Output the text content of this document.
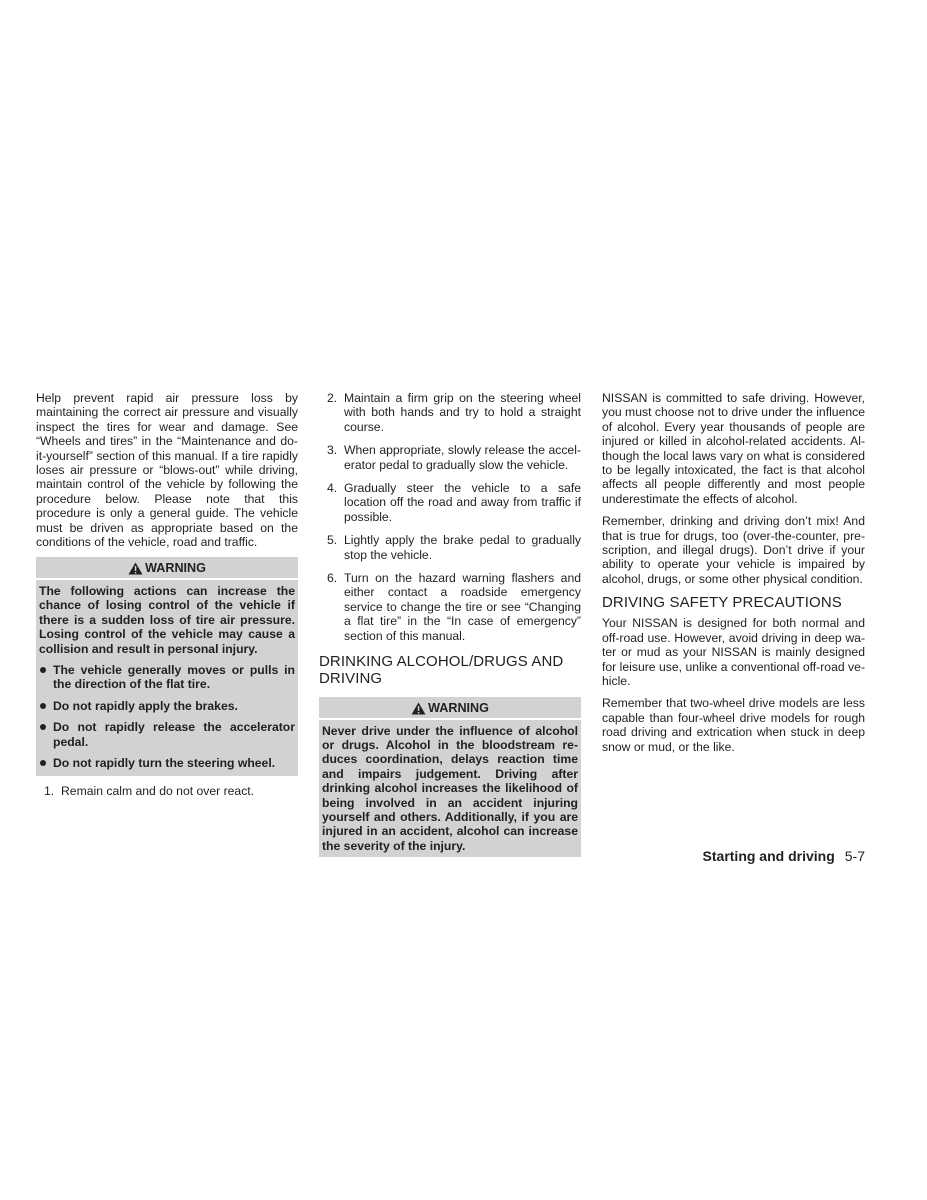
Help prevent rapid air pressure loss by maintaining the correct air pressure and visually inspect the tires for wear and damage. See “Wheels and tires” in the “Maintenance and do-it-yourself” section of this manual. If a tire rapidly loses air pressure or “blows-out” while driving, maintain control of the vehicle by following the procedure below. Please note that this procedure is only a general guide. The vehicle must be driven as appropriate based on the conditions of the vehicle, road and traffic.

WARNING

The following actions can increase the chance of losing control of the vehicle if there is a sudden loss of tire air pressure. Losing control of the vehicle may cause a collision and result in personal injury.

The vehicle generally moves or pulls in the direction of the flat tire.
Do not rapidly apply the brakes.
Do not rapidly release the accelerator pedal.
Do not rapidly turn the steering wheel.
1. Remain calm and do not over react.
2. Maintain a firm grip on the steering wheel with both hands and try to hold a straight course.
3. When appropriate, slowly release the accelerator pedal to gradually slow the vehicle.
4. Gradually steer the vehicle to a safe location off the road and away from traffic if possible.
5. Lightly apply the brake pedal to gradually stop the vehicle.
6. Turn on the hazard warning flashers and either contact a roadside emergency service to change the tire or see “Changing a flat tire” in the “In case of emergency” section of this manual.
DRINKING ALCOHOL/DRUGS AND DRIVING
WARNING

Never drive under the influence of alcohol or drugs. Alcohol in the bloodstream reduces coordination, delays reaction time and impairs judgement. Driving after drinking alcohol increases the likelihood of being involved in an accident injuring yourself and others. Additionally, if you are injured in an accident, alcohol can increase the severity of the injury.

NISSAN is committed to safe driving. However, you must choose not to drive under the influence of alcohol. Every year thousands of people are injured or killed in alcohol-related accidents. Although the local laws vary on what is considered to be legally intoxicated, the fact is that alcohol affects all people differently and most people underestimate the effects of alcohol.

Remember, drinking and driving don’t mix! And that is true for drugs, too (over-the-counter, prescription, and illegal drugs). Don’t drive if your ability to operate your vehicle is impaired by alcohol, drugs, or some other physical condition.

DRIVING SAFETY PRECAUTIONS

Your NISSAN is designed for both normal and off-road use. However, avoid driving in deep water or mud as your NISSAN is mainly designed for leisure use, unlike a conventional off-road vehicle.

Remember that two-wheel drive models are less capable than four-wheel drive models for rough road driving and extrication when stuck in deep snow or mud, or the like.

Starting and driving 5-7
